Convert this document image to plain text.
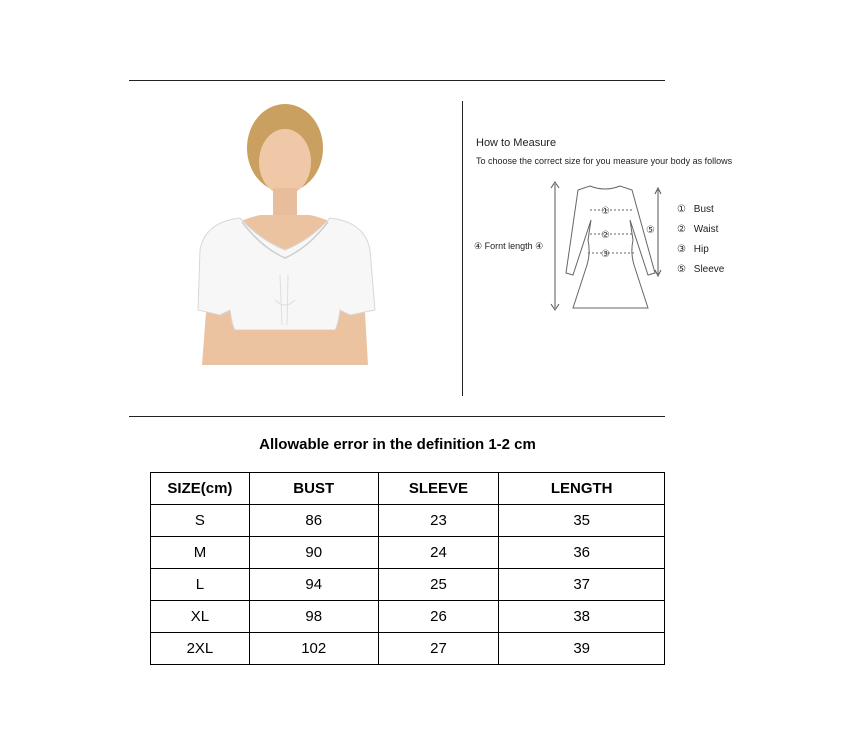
How to Measure
To choose the correct size for you measure your body as follows
④ Fornt length ④
①
②
③
⑤
① Bust
② Waist
③ Hip
⑤ Sleeve
Allowable error in the definition 1-2 cm
SIZE(cm)	BUST	SLEEVE	LENGTH
S	86	23	35
M	90	24	36
L	94	25	37
XL	98	26	38
2XL	102	27	39
